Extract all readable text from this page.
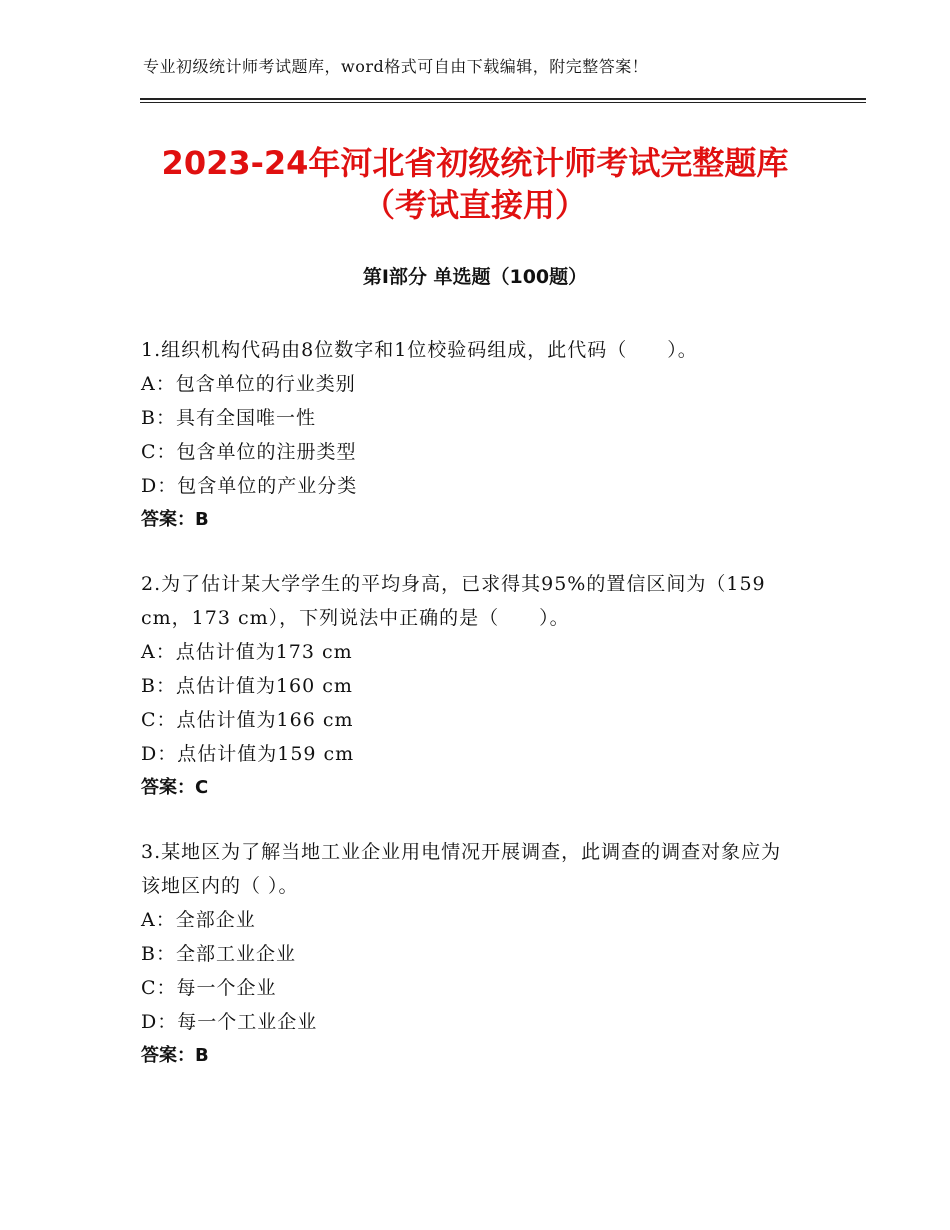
专业初级统计师考试题库，word格式可自由下载编辑，附完整答案！
2023-24年河北省初级统计师考试完整题库
（考试直接用）
第Ⅰ部分 单选题（100题）
1.组织机构代码由8位数字和1位校验码组成，此代码（　　）。
A：包含单位的行业类别
B：具有全国唯一性
C：包含单位的注册类型
D：包含单位的产业分类
答案：B
2.为了估计某大学学生的平均身高，已求得其95%的置信区间为（159 cm，173 cm），下列说法中正确的是（　　）。
A：点估计值为173 cm
B：点估计值为160 cm
C：点估计值为166 cm
D：点估计值为159 cm
答案：C
3.某地区为了解当地工业企业用电情况开展调查，此调查的调查对象应为该地区内的（ ）。
A：全部企业
B：全部工业企业
C：每一个企业
D：每一个工业企业
答案：B
